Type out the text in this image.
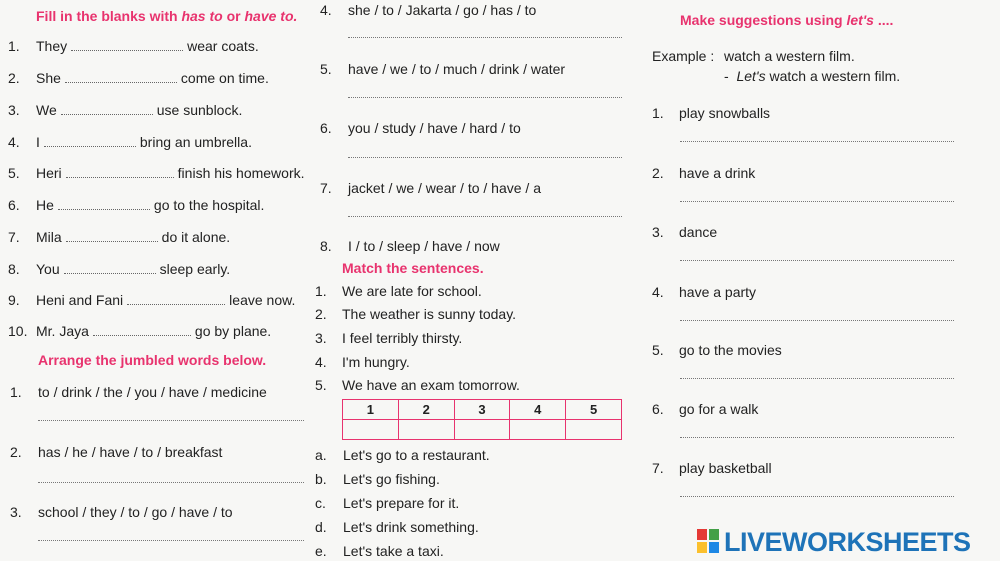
Fill in the blanks with has to or have to.
1. They	wear coats.
2. She	come on time.
3. We	use sunblock.
4. I	bring an umbrella.
5. Heri	finish his homework.
6. He	go to the hospital.
7. Mila	do it alone.
8. You	sleep early.
9. Heni and Fani	leave now.
10. Mr. Jaya	go by plane.
Arrange the jumbled words below.
1. to / drink / the / you / have / medicine
2. has / he / have / to / breakfast
3. school / they / to / go / have / to
4. she / to / Jakarta / go / has / to
5. have / we / to / much / drink / water
6. you / study / have / hard / to
7. jacket / we / wear / to / have / a
8. I / to / sleep / have / now
Match the sentences.
1. We are late for school.
2. The weather is sunny today.
3. I feel terribly thirsty.
4. I'm hungry.
5. We have an exam tomorrow.
1	2	3	4	5

a. Let's go to a restaurant.
b. Let's go fishing.
c. Let's prepare for it.
d. Let's drink something.
e. Let's take a taxi.
Make suggestions using let's ....
Example : watch a western film.
- Let's watch a western film.
1. play snowballs
2. have a drink
3. dance
4. have a party
5. go to the movies
6. go for a walk
7. play basketball
LIVEWORKSHEETS
